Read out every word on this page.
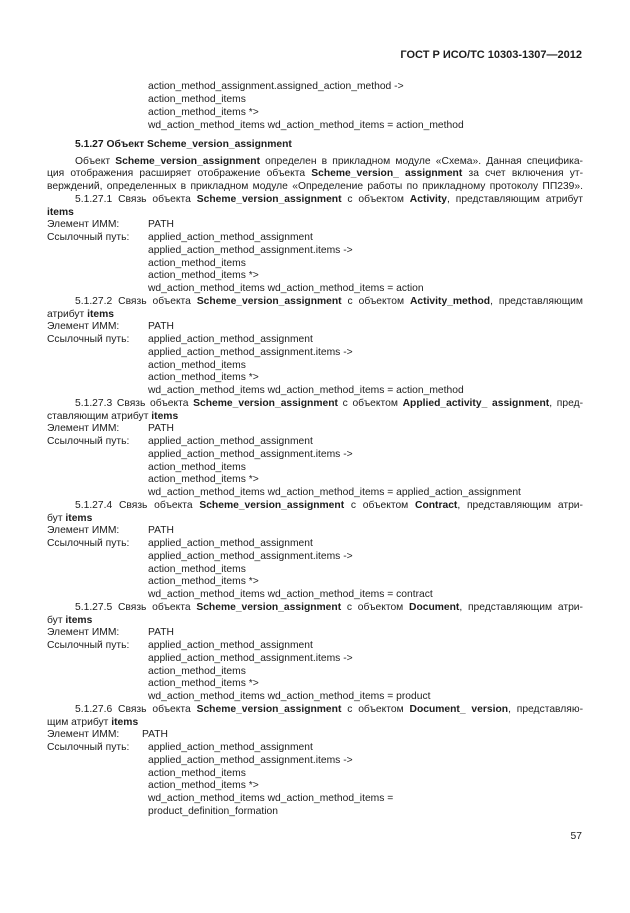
ГОСТ Р ИСО/ТС 10303-1307—2012
action_method_assignment.assigned_action_method ->
action_method_items
action_method_items *>
wd_action_method_items wd_action_method_items = action_method
5.1.27 Объект Scheme_version_assignment
Объект Scheme_version_assignment определен в прикладном модуле «Схема». Данная специфика-
ция отображения расширяет отображение объекта Scheme_version_ assignment за счет включения ут-
верждений, определенных в прикладном модуле «Определение работы по прикладному протоколу ПП239».
5.1.27.1 Связь объекта Scheme_version_assignment с объектом Activity, представляющим атрибут
items
Элемент ИММ:	PATH
Ссылочный путь: applied_action_method_assignment
applied_action_method_assignment.items ->
action_method_items
action_method_items *>
wd_action_method_items wd_action_method_items = action
5.1.27.2 Связь объекта Scheme_version_assignment с объектом Activity_method, представляющим
атрибут items
Элемент ИММ:	PATH
Ссылочный путь: applied_action_method_assignment
applied_action_method_assignment.items ->
action_method_items
action_method_items *>
wd_action_method_items wd_action_method_items = action_method
5.1.27.3 Связь объекта Scheme_version_assignment с объектом Applied_activity_ assignment, пред-
ставляющим атрибут items
Элемент ИММ:	PATH
Ссылочный путь: applied_action_method_assignment
applied_action_method_assignment.items ->
action_method_items
action_method_items *>
wd_action_method_items wd_action_method_items = applied_action_assignment
5.1.27.4 Связь объекта Scheme_version_assignment с объектом Contract, представляющим атри-
бут items
Элемент ИММ:	PATH
Ссылочный путь: applied_action_method_assignment
applied_action_method_assignment.items ->
action_method_items
action_method_items *>
wd_action_method_items wd_action_method_items = contract
5.1.27.5 Связь объекта Scheme_version_assignment с объектом Document, представляющим атри-
бут items
Элемент ИММ:	PATH
Ссылочный путь: applied_action_method_assignment
applied_action_method_assignment.items ->
action_method_items
action_method_items *>
wd_action_method_items wd_action_method_items = product
5.1.27.6 Связь объекта Scheme_version_assignment с объектом Document_ version, представляю-
щим атрибут items
Элемент ИММ: PATH
Ссылочный путь: applied_action_method_assignment
applied_action_method_assignment.items ->
action_method_items
action_method_items *>
wd_action_method_items wd_action_method_items =
product_definition_formation
57
